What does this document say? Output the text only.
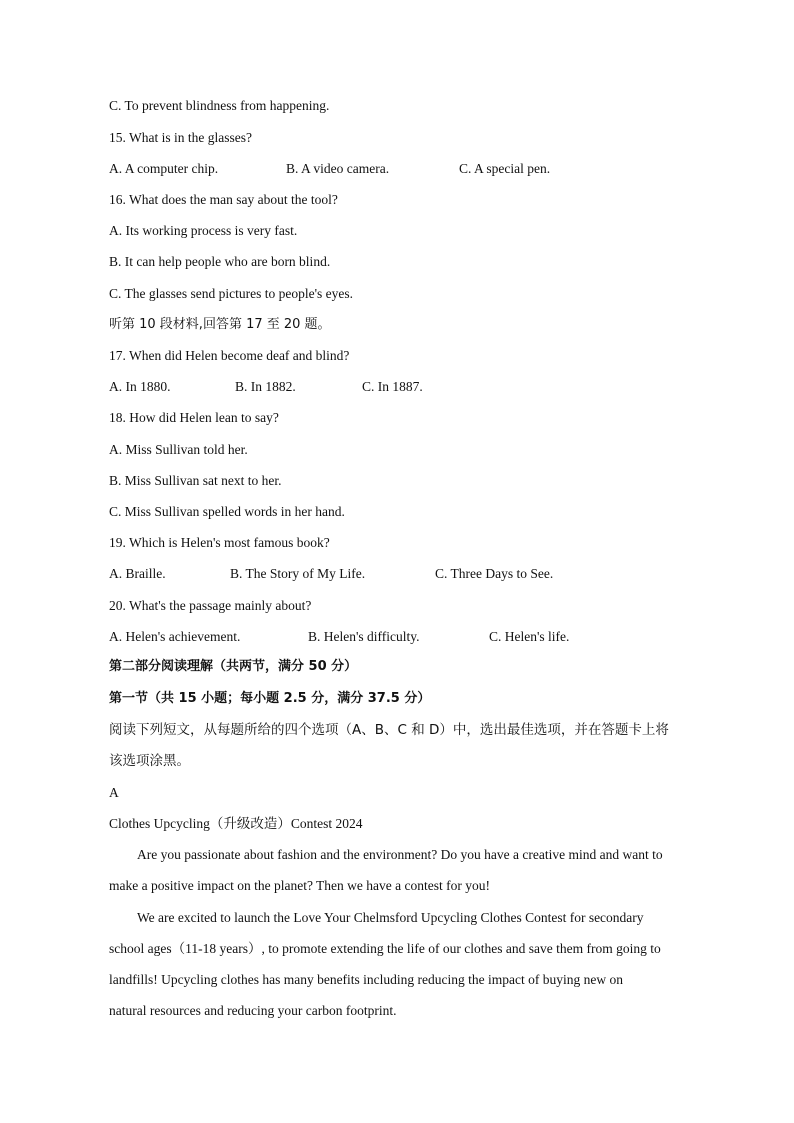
C. To prevent blindness from happening.
15. What is in the glasses?
A. A computer chip.	B. A video camera.	C. A special pen.
16. What does the man say about the tool?
A. Its working process is very fast.
B. It can help people who are born blind.
C. The glasses send pictures to people's eyes.
听第 10 段材料,回答第 17 至 20 题。
17. When did Helen become deaf and blind?
A. In 1880.	B. In 1882.	C. In 1887.
18. How did Helen lean to say?
A. Miss Sullivan told her.
B. Miss Sullivan sat next to her.
C. Miss Sullivan spelled words in her hand.
19. Which is Helen's most famous book?
A. Braille.	B. The Story of My Life.	C. Three Days to See.
20. What's the passage mainly about?
A. Helen's achievement.	B. Helen's difficulty.	C. Helen's life.
第二部分阅读理解（共两节，满分 50 分）
第一节（共 15 小题；每小题 2.5 分，满分 37.5 分）
阅读下列短文，从每题所给的四个选项（A、B、C 和 D）中，选出最佳选项，并在答题卡上将
该选项涂黑。
A
Clothes Upcycling（升级改造）Contest 2024
Are you passionate about fashion and the environment? Do you have a creative mind and want to
make a positive impact on the planet? Then we have a contest for you!
We are excited to launch the Love Your Chelmsford Upcycling Clothes Contest for secondary
school ages（11-18 years）, to promote extending the life of our clothes and save them from going to
landfills! Upcycling clothes has many benefits including reducing the impact of buying new on
natural resources and reducing your carbon footprint.
